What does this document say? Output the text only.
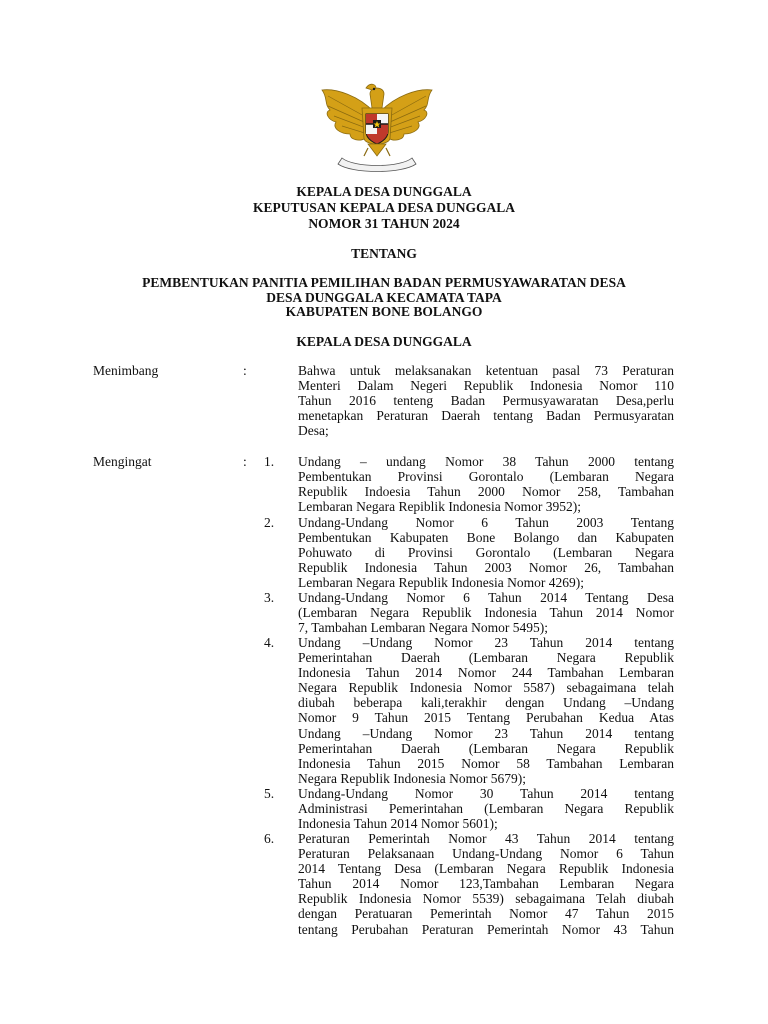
KEPALA DESA DUNGGALA
KEPUTUSAN KEPALA DESA DUNGGALA
NOMOR 31 TAHUN 2024
TENTANG
PEMBENTUKAN PANITIA PEMILIHAN BADAN PERMUSYAWARATAN DESA
DESA DUNGGALA KECAMATA TAPA
KABUPATEN BONE BOLANGO
KEPALA DESA DUNGGALA
Menimbang	:	Bahwa untuk melaksanakan ketentuan pasal 73 Peraturan
Menteri Dalam Negeri Republik Indonesia Nomor 110
Tahun 2016 tenteng Badan Permusyawaratan Desa,perlu
menetapkan Peraturan Daerah tentang Badan Permusyaratan
Desa;
Mengingat	: 1. Undang – undang Nomor 38 Tahun 2000 tentang
Pembentukan Provinsi Gorontalo (Lembaran Negara
Republik Indoesia Tahun 2000 Nomor 258, Tambahan
Lembaran Negara Repiblik Indonesia Nomor 3952);
2. Undang-Undang Nomor 6 Tahun 2003 Tentang
Pembentukan Kabupaten Bone Bolango dan Kabupaten
Pohuwato di Provinsi Gorontalo (Lembaran Negara
Republik Indonesia Tahun 2003 Nomor 26, Tambahan
Lembaran Negara Republik Indonesia Nomor 4269);
3. Undang-Undang Nomor 6 Tahun 2014 Tentang Desa
(Lembaran Negara Republik Indonesia Tahun 2014 Nomor
7, Tambahan Lembaran Negara Nomor 5495);
4. Undang –Undang Nomor 23 Tahun 2014 tentang
Pemerintahan Daerah (Lembaran Negara Republik
Indonesia Tahun 2014 Nomor 244 Tambahan Lembaran
Negara Republik Indonesia Nomor 5587) sebagaimana telah
diubah beberapa kali,terakhir dengan Undang –Undang
Nomor 9 Tahun 2015 Tentang Perubahan Kedua Atas
Undang –Undang Nomor 23 Tahun 2014 tentang
Pemerintahan Daerah (Lembaran Negara Republik
Indonesia Tahun 2015 Nomor 58 Tambahan Lembaran
Negara Republik Indonesia Nomor 5679);
5. Undang-Undang Nomor 30 Tahun 2014 tentang
Administrasi Pemerintahan (Lembaran Negara Republik
Indonesia Tahun 2014 Nomor 5601);
6. Peraturan Pemerintah Nomor 43 Tahun 2014 tentang
Peraturan Pelaksanaan Undang-Undang Nomor 6 Tahun
2014 Tentang Desa (Lembaran Negara Republik Indonesia
Tahun 2014 Nomor 123,Tambahan Lembaran Negara
Republik Indonesia Nomor 5539) sebagaimana Telah diubah
dengan Peratuaran Pemerintah Nomor 47 Tahun 2015
tentang Perubahan Peraturan Pemerintah Nomor 43 Tahun
